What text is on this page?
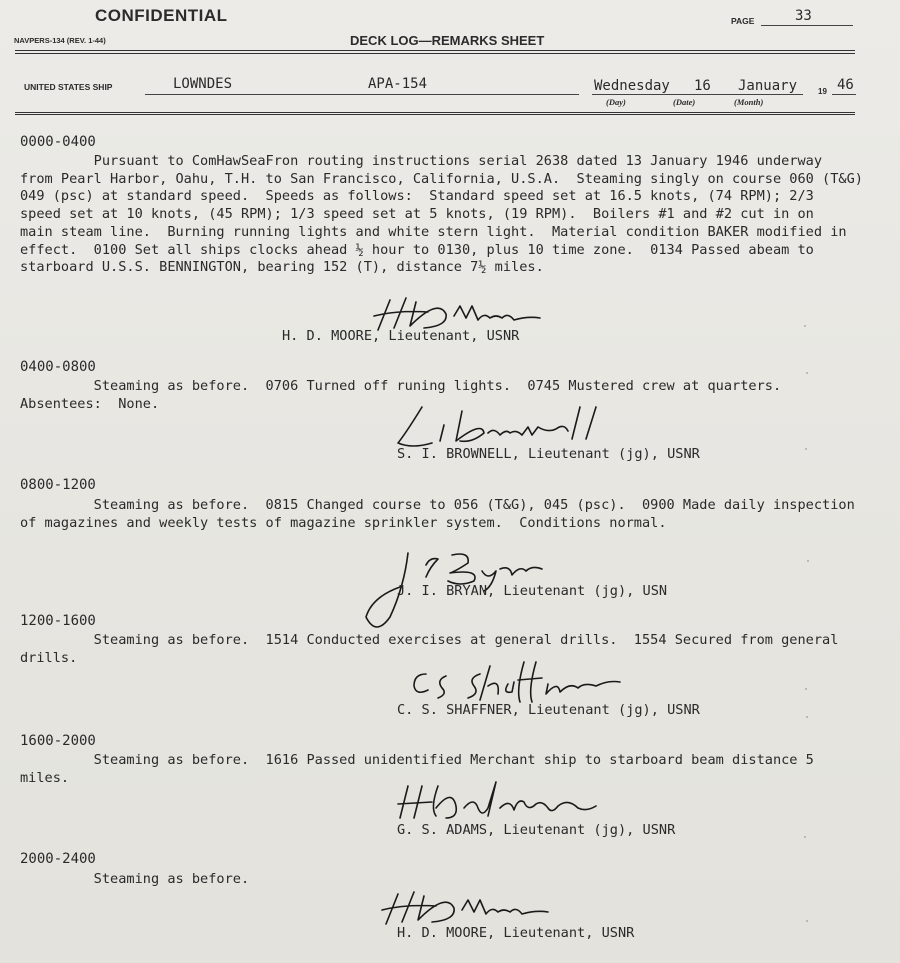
CONFIDENTIAL
NAVPERS-134 (REV. 1-44)	DECK LOG—REMARKS SHEET
PAGE	33
UNITED STATES SHIP	LOWNDES	APA-154	Wednesday 16 January	19 46
(Day)	(Date)	(Month)
0000-0400

Pursuant to ComHawSeaFron routing instructions serial 2638 dated 13 January 1946 underway

from Pearl Harbor, Oahu, T.H. to San Francisco, California, U.S.A.  Steaming singly on course 060 (T&G)

049 (psc) at standard speed.  Speeds as follows:  Standard speed set at 16.5 knots, (74 RPM); 2/3

speed set at 10 knots, (45 RPM); 1/3 speed set at 5 knots, (19 RPM).  Boilers #1 and #2 cut in on

main steam line.  Burning running lights and white stern light.  Material condition BAKER modified in

effect.  0100 Set all ships clocks ahead ½ hour to 0130, plus 10 time zone.  0134 Passed abeam to

starboard U.S.S. BENNINGTON, bearing 152 (T), distance 7½ miles.

H. D. MOORE, Lieutenant, USNR
0400-0800

Steaming as before.  0706 Turned off runing lights.  0745 Mustered crew at quarters.

Absentees:  None.

S. I. BROWNELL, Lieutenant (jg), USNR
0800-1200

Steaming as before.  0815 Changed course to 056 (T&G), 045 (psc).  0900 Made daily inspection

of magazines and weekly tests of magazine sprinkler system.  Conditions normal.

J. I. BRYAN, Lieutenant (jg), USN
1200-1600

Steaming as before.  1514 Conducted exercises at general drills.  1554 Secured from general

drills.

C. S. SHAFFNER, Lieutenant (jg), USNR
1600-2000

Steaming as before.  1616 Passed unidentified Merchant ship to starboard beam distance 5

miles.

G. S. ADAMS, Lieutenant (jg), USNR
2000-2400

Steaming as before.

H. D. MOORE, Lieutenant, USNR
